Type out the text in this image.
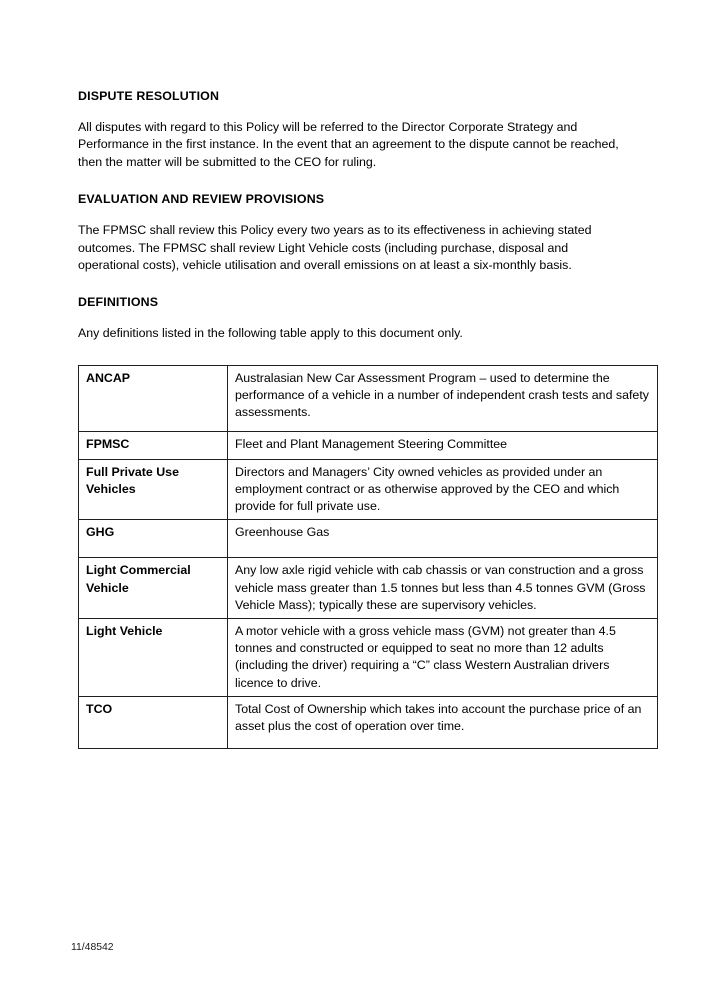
DISPUTE RESOLUTION

All disputes with regard to this Policy will be referred to the Director Corporate Strategy and Performance in the first instance. In the event that an agreement to the dispute cannot be reached, then the matter will be submitted to the CEO for ruling.

EVALUATION AND REVIEW PROVISIONS

The FPMSC shall review this Policy every two years as to its effectiveness in achieving stated outcomes. The FPMSC shall review Light Vehicle costs (including purchase, disposal and operational costs), vehicle utilisation and overall emissions on at least a six-monthly basis.

DEFINITIONS

Any definitions listed in the following table apply to this document only.

ANCAP	Australasian New Car Assessment Program – used to determine the performance of a vehicle in a number of independent crash tests and safety assessments.
FPMSC	Fleet and Plant Management Steering Committee
Full Private Use Vehicles	Directors and Managers’ City owned vehicles as provided under an employment contract or as otherwise approved by the CEO and which provide for full private use.
GHG	Greenhouse Gas
Light Commercial Vehicle	Any low axle rigid vehicle with cab chassis or van construction and a gross vehicle mass greater than 1.5 tonnes but less than 4.5 tonnes GVM (Gross Vehicle Mass); typically these are supervisory vehicles.
Light Vehicle	A motor vehicle with a gross vehicle mass (GVM) not greater than 4.5 tonnes and constructed or equipped to seat no more than 12 adults (including the driver) requiring a “C” class Western Australian drivers licence to drive.
TCO	Total Cost of Ownership which takes into account the purchase price of an asset plus the cost of operation over time.
11/48542
